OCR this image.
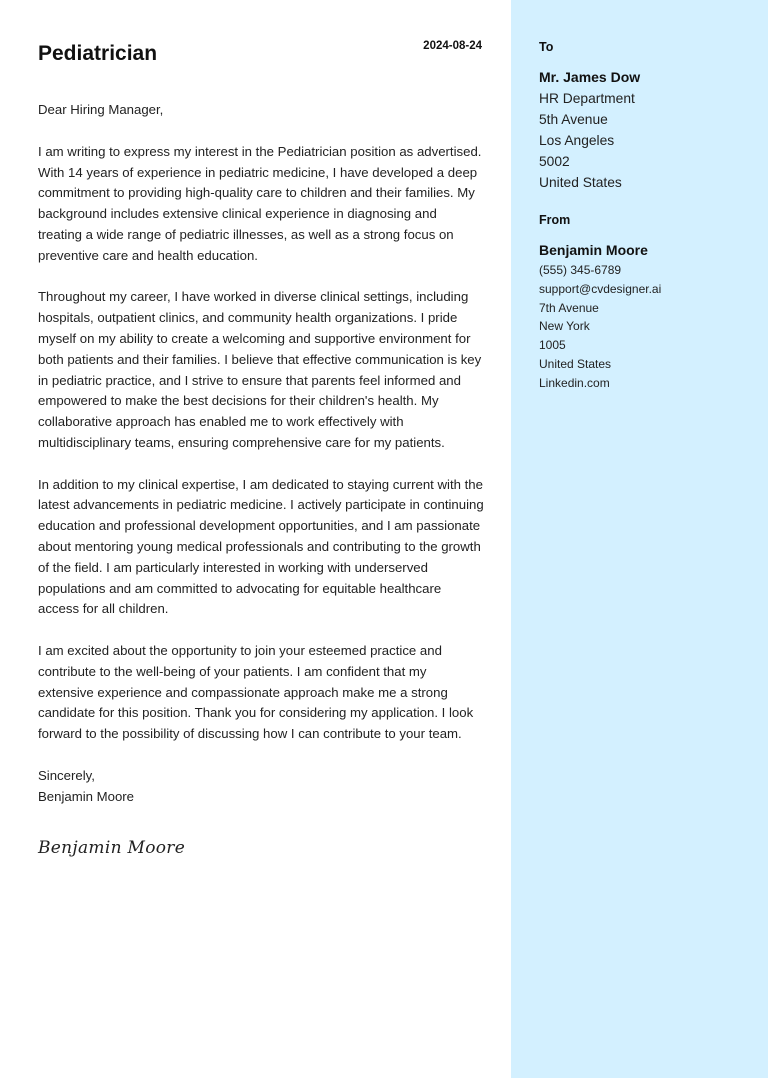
Pediatrician	2024-08-24

Dear Hiring Manager,

I am writing to express my interest in the Pediatrician position as advertised. With 14 years of experience in pediatric medicine, I have developed a deep commitment to providing high-quality care to children and their families. My background includes extensive clinical experience in diagnosing and treating a wide range of pediatric illnesses, as well as a strong focus on preventive care and health education.

Throughout my career, I have worked in diverse clinical settings, including hospitals, outpatient clinics, and community health organizations. I pride myself on my ability to create a welcoming and supportive environment for both patients and their families. I believe that effective communication is key in pediatric practice, and I strive to ensure that parents feel informed and empowered to make the best decisions for their children's health. My collaborative approach has enabled me to work effectively with multidisciplinary teams, ensuring comprehensive care for my patients.

In addition to my clinical expertise, I am dedicated to staying current with the latest advancements in pediatric medicine. I actively participate in continuing education and professional development opportunities, and I am passionate about mentoring young medical professionals and contributing to the growth of the field. I am particularly interested in working with underserved populations and am committed to advocating for equitable healthcare access for all children.

I am excited about the opportunity to join your esteemed practice and contribute to the well-being of your patients. I am confident that my extensive experience and compassionate approach make me a strong candidate for this position. Thank you for considering my application. I look forward to the possibility of discussing how I can contribute to your team.

Sincerely,

Benjamin Moore

Benjamin Moore
To
Mr. James Dow
HR Department
5th Avenue
Los Angeles
5002
United States
From
Benjamin Moore
(555) 345-6789
support@cvdesigner.ai
7th Avenue
New York
1005
United States
Linkedin.com
